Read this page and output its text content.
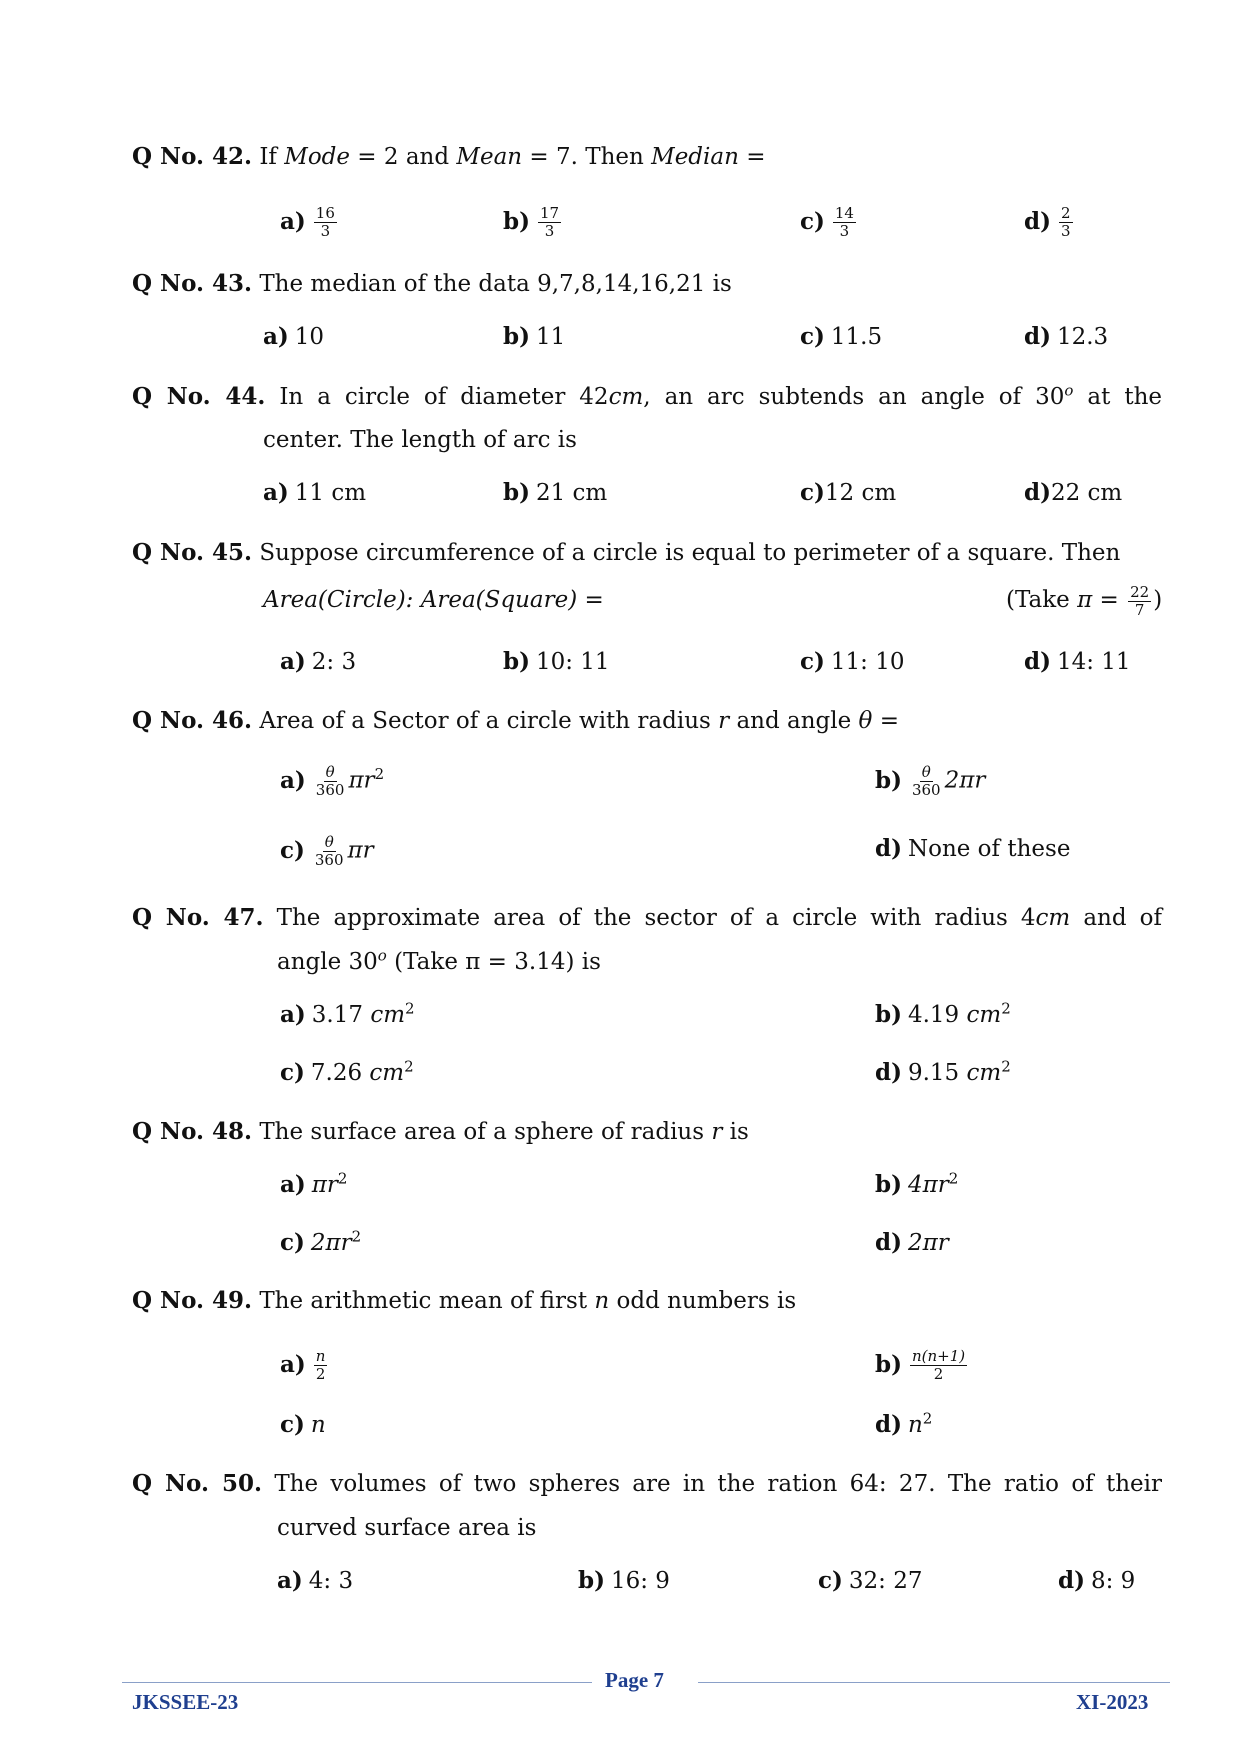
Q No. 42. If Mode = 2 and Mean = 7. Then Median =
$a) \frac{16}{3}$	$b) \frac{17}{3}$	$c) \frac{14}{3}$	$d) \frac{2}{3}$
Q No. 43. The median of the data 9,7,8,14,16,21 is
a) 10	b) 11	c) 11.5	d) 12.3
Q No. 44. In a circle of diameter 42cm, an arc subtends an angle of 30$^o$ at the
center. The length of arc is
a) 11 cm	b) 21 cm	c)12 cm	d)22 cm
Q No. 45. Suppose circumference of a circle is equal to perimeter of a square. Then
Area(Circle): Area(Square) =	(Take $\pi = \frac{22}{7}$ )
a) 2: 3	b) 10: 11	c) 11: 10	d) 14: 11
Q No. 46. Area of a Sector of a circle with radius r and angle θ =
$a) \frac{\theta}{360} \pi r^2$	$b) \frac{\theta}{360} 2\pi r$
$c) \frac{\theta}{360}$ πr	d) None of these
Q No. 47. The approximate area of the sector of a circle with radius 4cm and of
angle 30$^o$ (Take π = 3.14) is
a) 3.17 $cm^2$	b) 4.19 $cm^2$
c) 7.26 $cm^2$	d) 9.15 $cm^2$
Q No. 48. The surface area of a sphere of radius r is
a) $\pi r^2$	b) $4\pi r^2$
c) $2\pi r^2$	d) 2πr
Q No. 49. The arithmetic mean of first n odd numbers is
$a) \frac{n}{2}$	$b) \frac{n(n+1)}{2}$
c) n	d) $n^2$
Q No. 50. The volumes of two spheres are in the ration 64: 27. The ratio of their
curved surface area is
a) 4: 3	b) 16: 9	c) 32: 27	d) 8: 9
JKSSEE-23
Page 7
XI-2023
